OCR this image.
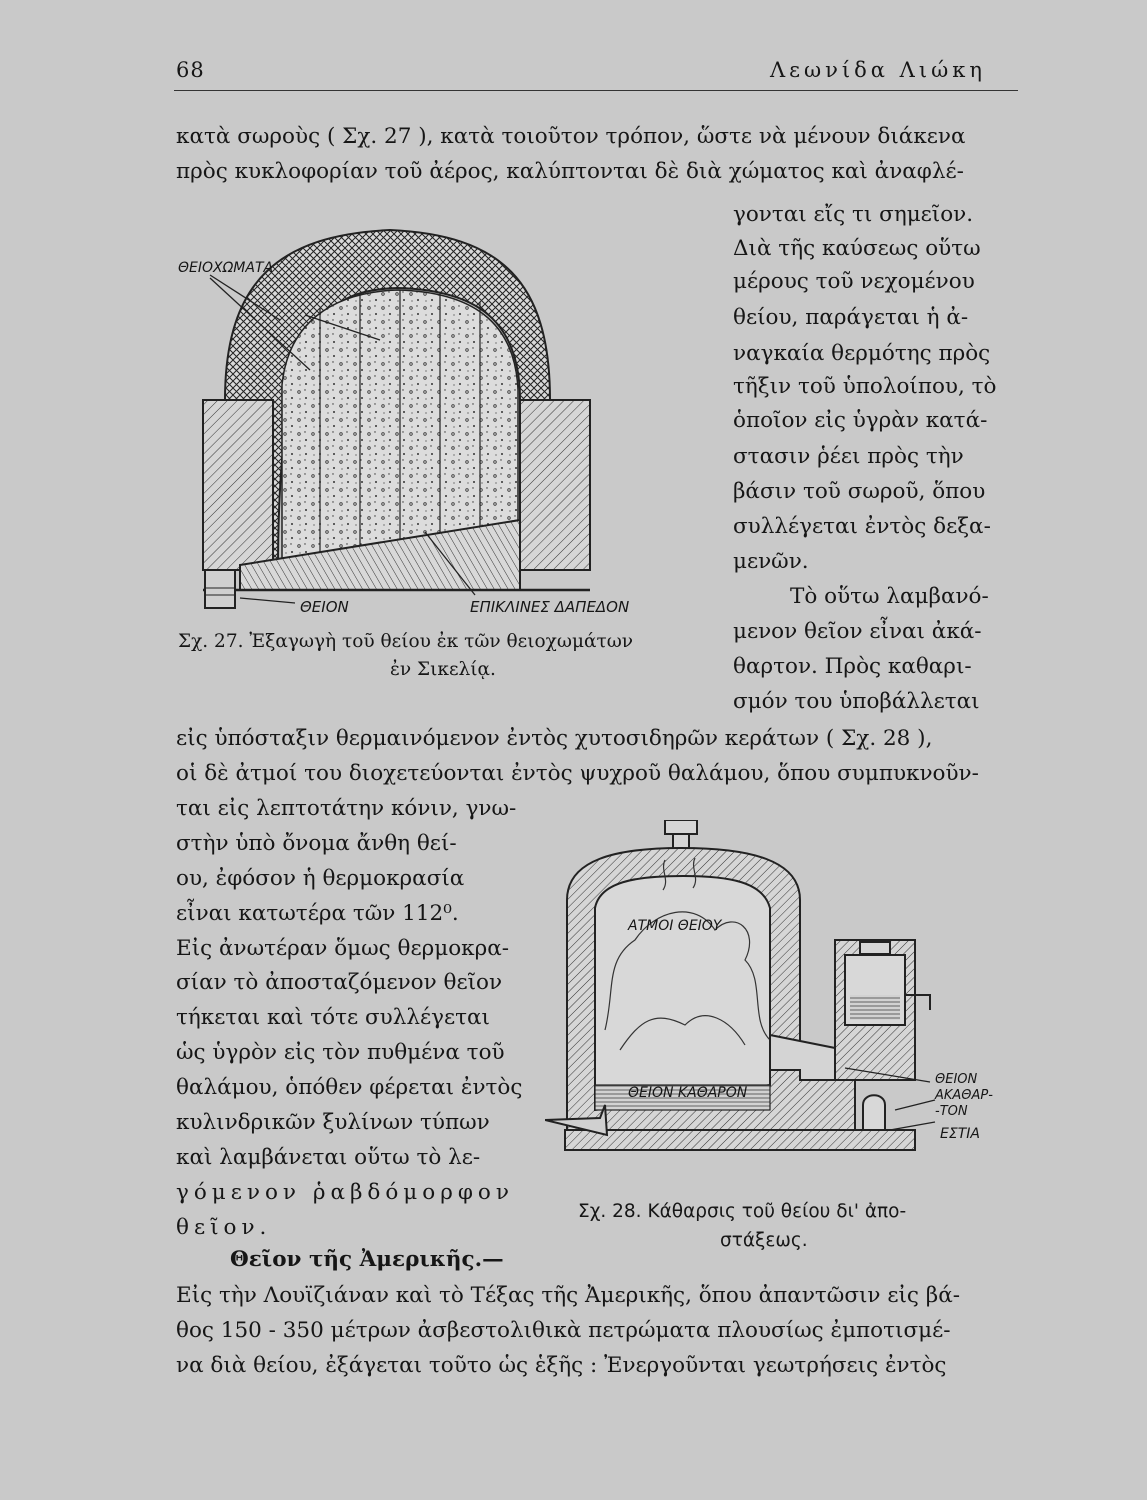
68	Λεωνίδα Λιώκη
κατὰ σωροὺς ( Σχ. 27 ), κατὰ τοιοῦτον τρόπον, ὥστε νὰ μένουν διάκενα
πρὸς κυκλοφορίαν τοῦ ἀέρος, καλύπτονται δὲ διὰ χώματος καὶ ἀναφλέ-
γονται εἴς τι σημεῖον.
Διὰ τῆς καύσεως οὕτω
μέρους τοῦ νεχομένου
θείου, παράγεται ἡ ἀ-
ναγκαία θερμότης πρὸς
τῆξιν τοῦ ὑπολοίπου, τὸ
ὁποῖον εἰς ὑγρὰν κατά-
στασιν ῥέει πρὸς τὴν
βάσιν τοῦ σωροῦ, ὅπου
συλλέγεται ἐντὸς δεξα-
μενῶν.
Τὸ οὕτω λαμβανό-
μενον θεῖον εἶναι ἀκά-
θαρτον. Πρὸς καθαρι-
σμόν του ὑποβάλλεται
ΘΕΙΟΧΩΜΑΤΑ
ΘΕΙΟΝ	ΕΠΙΚΛΙΝΕΣ ΔΑΠΕΔΟΝ
Σχ. 27. Ἐξαγωγὴ τοῦ θείου ἐκ τῶν θειοχωμάτων
ἐν Σικελίᾳ.
εἰς ὑπόσταξιν θερμαινόμενον ἐντὸς χυτοσιδηρῶν κεράτων ( Σχ. 28 ),
οἱ δὲ ἀτμοί του διοχετεύονται ἐντὸς ψυχροῦ θαλάμου, ὅπου συμπυκνοῦν-
ται εἰς λεπτοτάτην κόνιν, γνω-
στὴν ὑπὸ ὄνομα ἄνθη θεί-
ου, ἐφόσον ἡ θερμοκρασία
εἶναι κατωτέρα τῶν 112⁰.
Εἰς ἀνωτέραν ὅμως θερμοκρα-
σίαν τὸ ἀποσταζόμενον θεῖον
τήκεται καὶ τότε συλλέγεται
ὡς ὑγρὸν εἰς τὸν πυθμένα τοῦ
θαλάμου, ὁπόθεν φέρεται ἐντὸς
κυλινδρικῶν ξυλίνων τύπων
καὶ λαμβάνεται οὕτω τὸ λε-
γόμενον ῥαβδόμορφον
θεῖον.
ΑΤΜΟΙ ΘΕΙΟΥ
ΘΕΙΟΝ ΚΑΘΑΡΟΝ
ΘΕΙΟΝ
ΑΚΑΘΑΡ-
-ΤΟΝ
ΕΣΤΙΑ
Σχ. 28. Κάθαρσις τοῦ θείου δι' ἀπο-
στάξεως.
Θεῖον τῆς Ἀμερικῆς.—
Εἰς τὴν Λουϊζιάναν καὶ τὸ Τέξας τῆς Ἀμερικῆς, ὅπου ἀπαντῶσιν εἰς βά-
θος 150 - 350 μέτρων ἀσβεστολιθικὰ πετρώματα πλουσίως ἐμποτισμέ-
να διὰ θείου, ἐξάγεται τοῦτο ὡς ἑξῆς : Ἐνεργοῦνται γεωτρήσεις ἐντὸς
